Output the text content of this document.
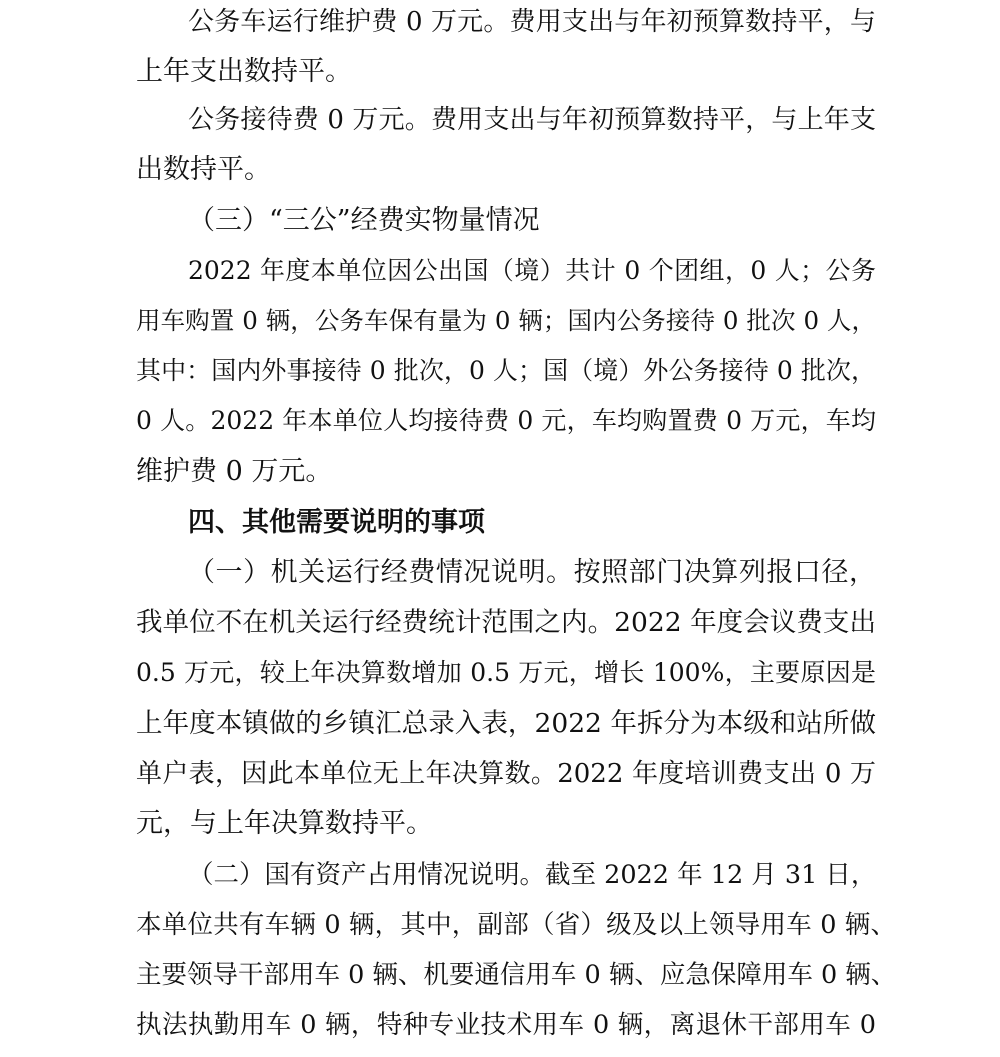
公务车运行维护费 0 万元。费用支出与年初预算数持平，与
上年支出数持平。
公务接待费 0 万元。费用支出与年初预算数持平，与上年支
出数持平。
（三）“三公”经费实物量情况
2022 年度本单位因公出国（境）共计 0 个团组，0 人；公务
用车购置 0 辆，公务车保有量为 0 辆；国内公务接待 0 批次 0 人，
其中：国内外事接待 0 批次，0 人；国（境）外公务接待 0 批次，
0 人。2022 年本单位人均接待费 0 元，车均购置费 0 万元，车均
维护费 0 万元。
四、其他需要说明的事项
（一）机关运行经费情况说明。按照部门决算列报口径，
我单位不在机关运行经费统计范围之内。2022 年度会议费支出
0.5 万元，较上年决算数增加 0.5 万元，增长 100%，主要原因是
上年度本镇做的乡镇汇总录入表，2022 年拆分为本级和站所做
单户表，因此本单位无上年决算数。2022 年度培训费支出 0 万
元，与上年决算数持平。
（二）国有资产占用情况说明。截至 2022 年 12 月 31 日，
本单位共有车辆 0 辆，其中，副部（省）级及以上领导用车 0 辆、
主要领导干部用车 0 辆、机要通信用车 0 辆、应急保障用车 0 辆、
执法执勤用车 0 辆，特种专业技术用车 0 辆，离退休干部用车 0
